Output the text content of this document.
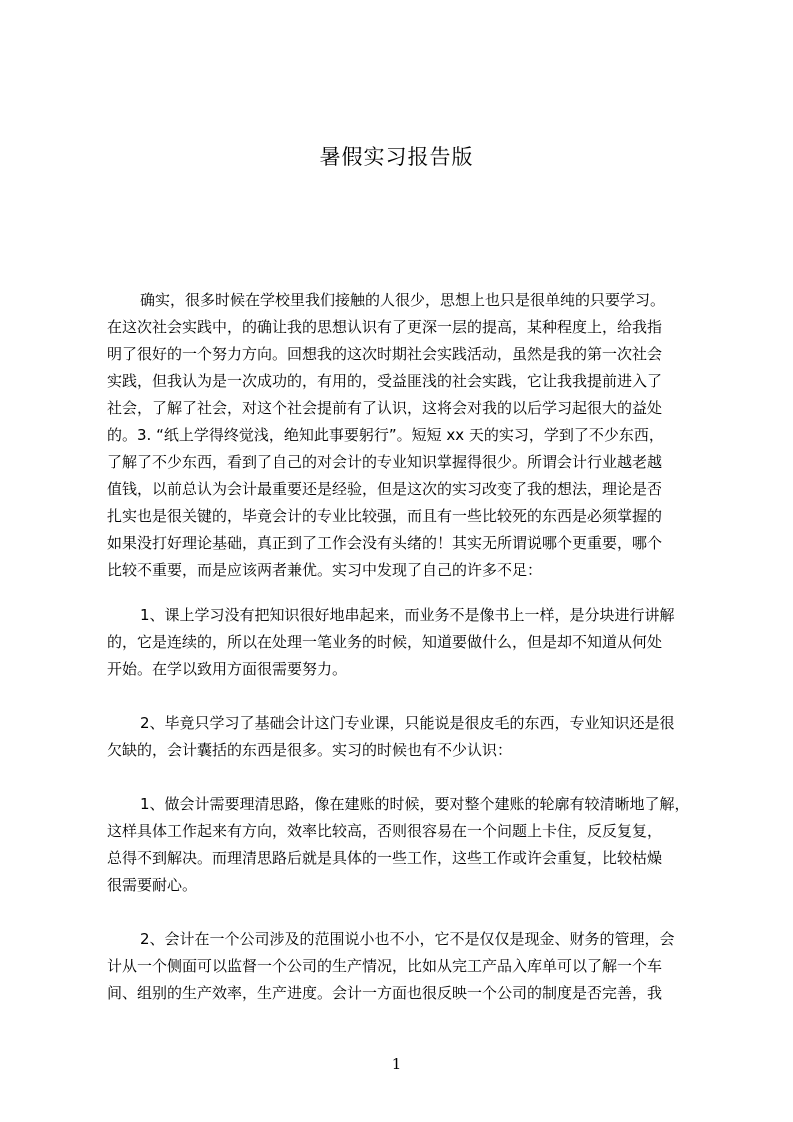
暑假实习报告版
确实，很多时候在学校里我们接触的人很少，思想上也只是很单纯的只要学习。
在这次社会实践中，的确让我的思想认识有了更深一层的提高，某种程度上，给我指
明了很好的一个努力方向。回想我的这次时期社会实践活动，虽然是我的第一次社会
实践，但我认为是一次成功的，有用的，受益匪浅的社会实践，它让我我提前进入了
社会，了解了社会，对这个社会提前有了认识，这将会对我的以后学习起很大的益处
的。3. “纸上学得终觉浅，绝知此事要躬行”。短短 xx 天的实习，学到了不少东西，
了解了不少东西，看到了自己的对会计的专业知识掌握得很少。所谓会计行业越老越
值钱，以前总认为会计最重要还是经验，但是这次的实习改变了我的想法，理论是否
扎实也是很关键的，毕竟会计的专业比较强，而且有一些比较死的东西是必须掌握的
如果没打好理论基础，真正到了工作会没有头绪的！其实无所谓说哪个更重要，哪个
比较不重要，而是应该两者兼优。实习中发现了自己的许多不足：
1、课上学习没有把知识很好地串起来，而业务不是像书上一样，是分块进行讲解
的，它是连续的，所以在处理一笔业务的时候，知道要做什么，但是却不知道从何处
开始。在学以致用方面很需要努力。
2、毕竟只学习了基础会计这门专业课，只能说是很皮毛的东西，专业知识还是很
欠缺的，会计囊括的东西是很多。实习的时候也有不少认识：
1、做会计需要理清思路，像在建账的时候，要对整个建账的轮廓有较清晰地了解，
这样具体工作起来有方向，效率比较高，否则很容易在一个问题上卡住，反反复复，
总得不到解决。而理清思路后就是具体的一些工作，这些工作或许会重复，比较枯燥
很需要耐心。
2、会计在一个公司涉及的范围说小也不小，它不是仅仅是现金、财务的管理，会
计从一个侧面可以监督一个公司的生产情况，比如从完工产品入库单可以了解一个车
间、组别的生产效率，生产进度。会计一方面也很反映一个公司的制度是否完善，我
1
